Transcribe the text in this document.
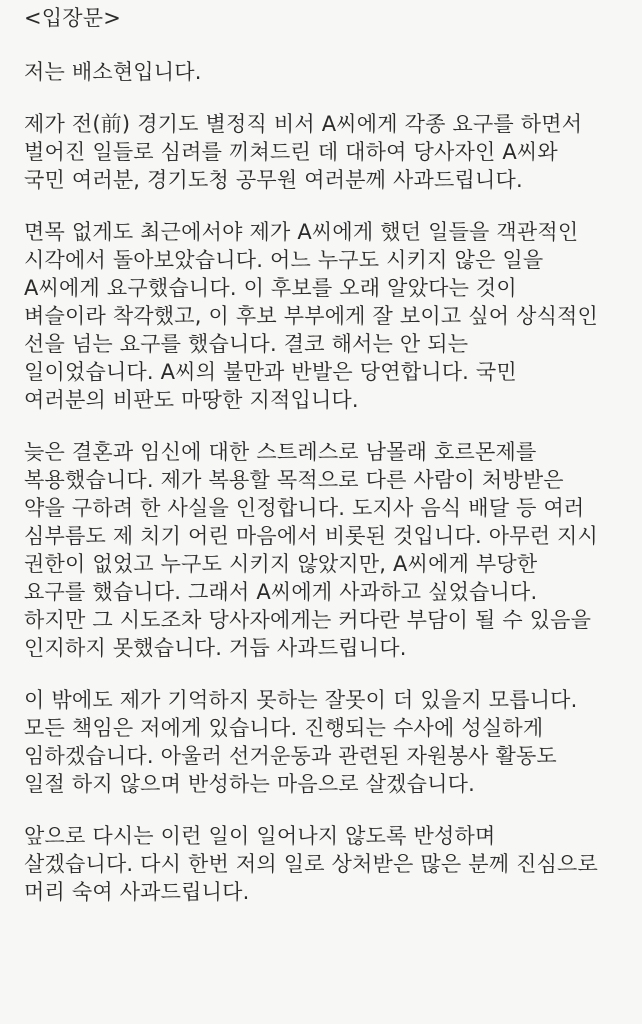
<입장문>
저는 배소현입니다.
제가 전(前) 경기도 별정직 비서 A씨에게 각종 요구를 하면서
벌어진 일들로 심려를 끼쳐드린 데 대하여 당사자인 A씨와
국민 여러분, 경기도청 공무원 여러분께 사과드립니다.
면목 없게도 최근에서야 제가 A씨에게 했던 일들을 객관적인
시각에서 돌아보았습니다. 어느 누구도 시키지 않은 일을
A씨에게 요구했습니다. 이 후보를 오래 알았다는 것이
벼슬이라 착각했고, 이 후보 부부에게 잘 보이고 싶어 상식적인
선을 넘는 요구를 했습니다. 결코 해서는 안 되는
일이었습니다. A씨의 불만과 반발은 당연합니다. 국민
여러분의 비판도 마땅한 지적입니다.
늦은 결혼과 임신에 대한 스트레스로 남몰래 호르몬제를
복용했습니다. 제가 복용할 목적으로 다른 사람이 처방받은
약을 구하려 한 사실을 인정합니다. 도지사 음식 배달 등 여러
심부름도 제 치기 어린 마음에서 비롯된 것입니다. 아무런 지시
권한이 없었고 누구도 시키지 않았지만, A씨에게 부당한
요구를 했습니다. 그래서 A씨에게 사과하고 싶었습니다.
하지만 그 시도조차 당사자에게는 커다란 부담이 될 수 있음을
인지하지 못했습니다. 거듭 사과드립니다.
이 밖에도 제가 기억하지 못하는 잘못이 더 있을지 모릅니다.
모든 책임은 저에게 있습니다. 진행되는 수사에 성실하게
임하겠습니다. 아울러 선거운동과 관련된 자원봉사 활동도
일절 하지 않으며 반성하는 마음으로 살겠습니다.
앞으로 다시는 이런 일이 일어나지 않도록 반성하며
살겠습니다. 다시 한번 저의 일로 상처받은 많은 분께 진심으로
머리 숙여 사과드립니다.
